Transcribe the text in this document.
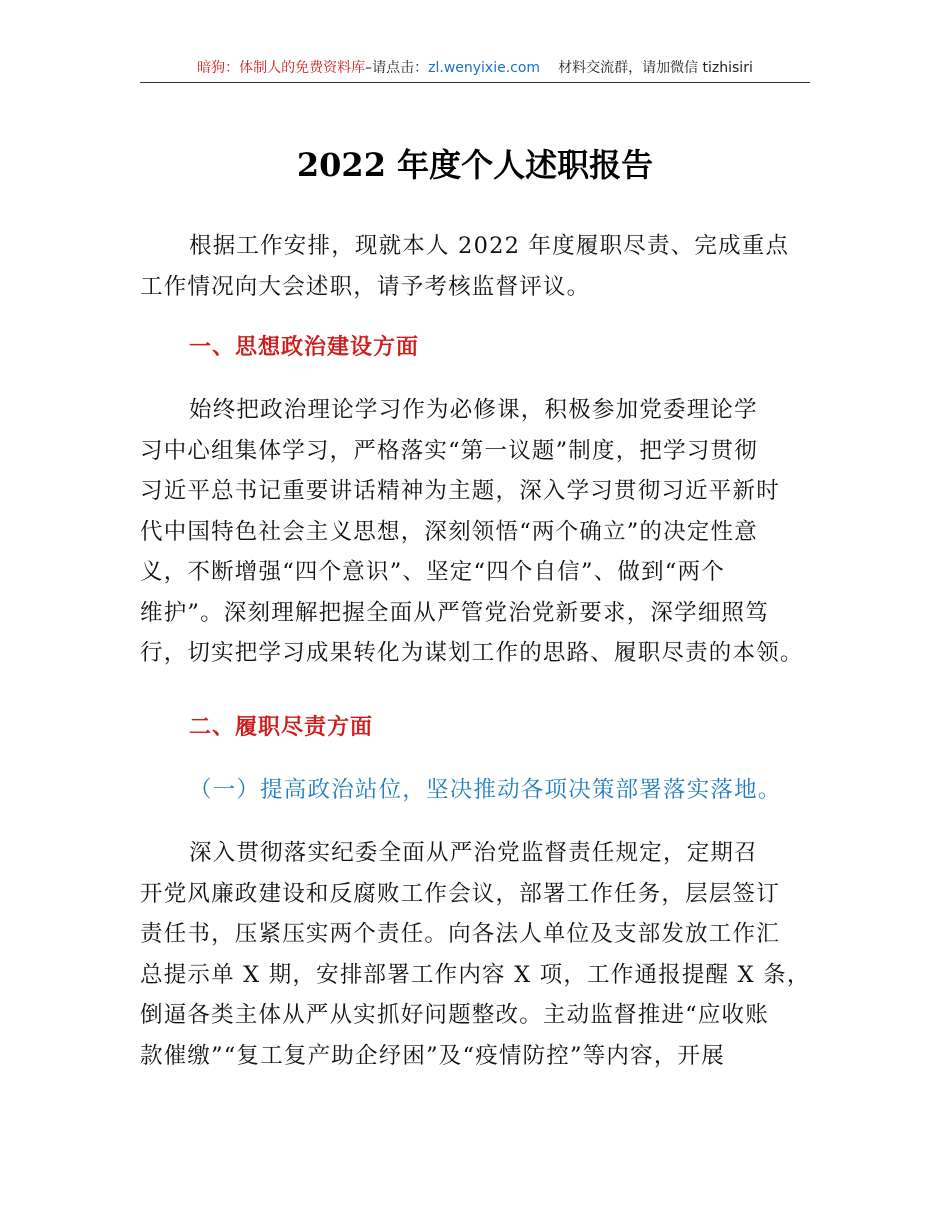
暗狗：体制人的免费资料库 –请点击： zl.wenyixie.com 材料交流群，请加微信 tizhisiri
2022 年度个人述职报告
根据工作安排，现就本人 2022 年度履职尽责、完成重点
工作情况向大会述职，请予考核监督评议。
一、思想政治建设方面
始终把政治理论学习作为必修课，积极参加党委理论学
习中心组集体学习，严格落实“第一议题”制度，把学习贯彻
习近平总书记重要讲话精神为主题，深入学习贯彻习近平新时
代中国特色社会主义思想，深刻领悟“两个确立”的决定性意
义，不断增强“四个意识”、坚定“四个自信”、做到“两个
维护”。深刻理解把握全面从严管党治党新要求，深学细照笃
行，切实把学习成果转化为谋划工作的思路、履职尽责的本领。
二、履职尽责方面
（一）提高政治站位，坚决推动各项决策部署落实落地。
深入贯彻落实纪委全面从严治党监督责任规定，定期召
开党风廉政建设和反腐败工作会议，部署工作任务，层层签订
责任书，压紧压实两个责任。向各法人单位及支部发放工作汇
总提示单 X 期，安排部署工作内容 X 项，工作通报提醒 X 条，
倒逼各类主体从严从实抓好问题整改。主动监督推进“应收账
款催缴”“复工复产助企纾困”及“疫情防控”等内容，开展
